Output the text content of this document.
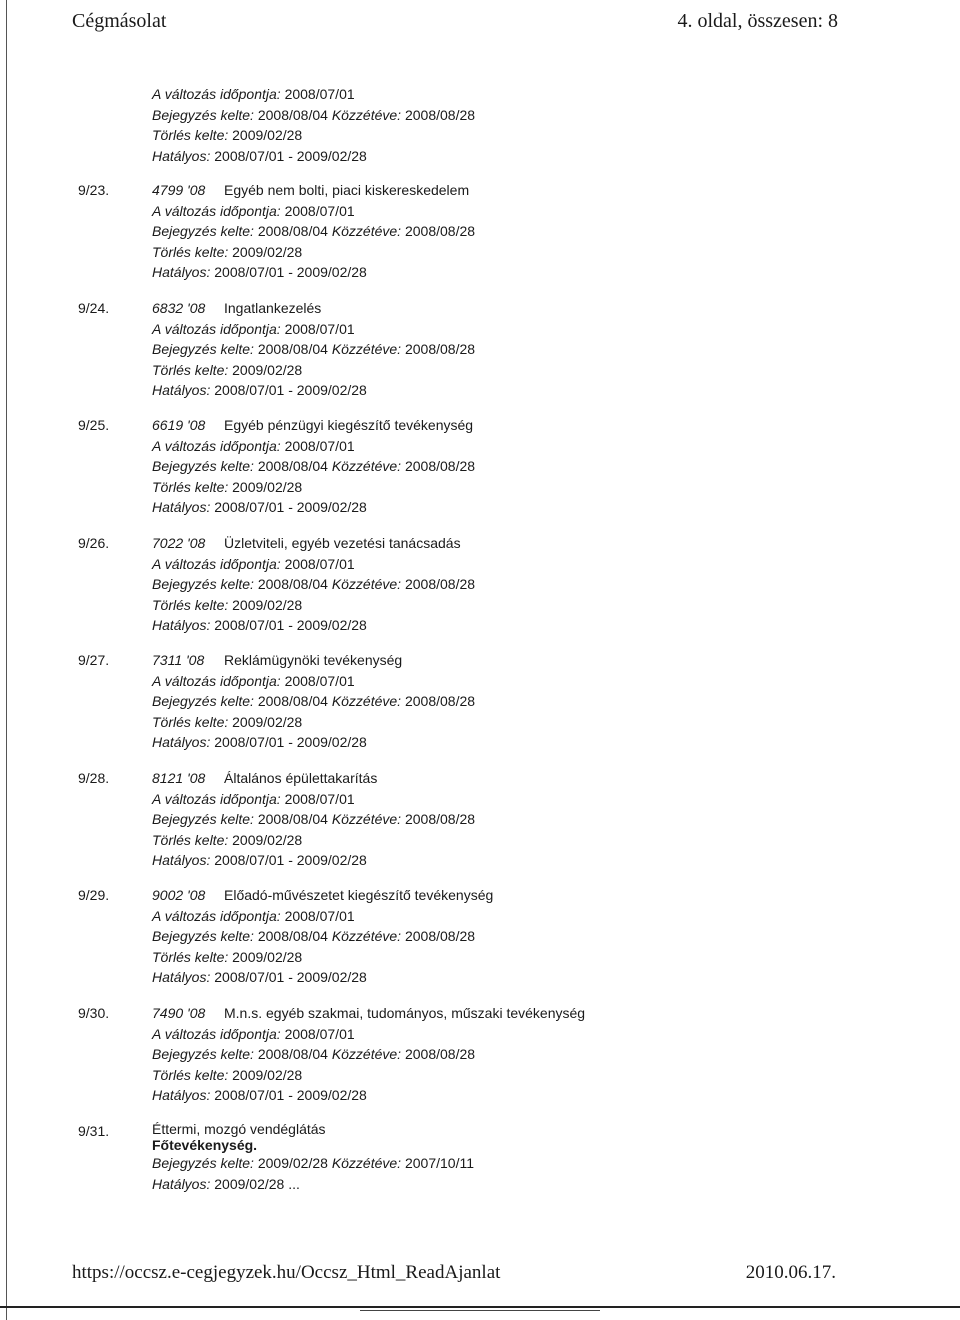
Cégmásolat	4. oldal, összesen: 8
A változás időpontja: 2008/07/01
Bejegyzés kelte: 2008/08/04 Közzétéve: 2008/08/28
Törlés kelte: 2009/02/28
Hatályos: 2008/07/01 - 2009/02/28
9/23.	4799 '08 Egyéb nem bolti, piaci kiskereskedelem
A változás időpontja: 2008/07/01
Bejegyzés kelte: 2008/08/04 Közzétéve: 2008/08/28
Törlés kelte: 2009/02/28
Hatályos: 2008/07/01 - 2009/02/28
9/24.	6832 '08 Ingatlankezelés
A változás időpontja: 2008/07/01
Bejegyzés kelte: 2008/08/04 Közzétéve: 2008/08/28
Törlés kelte: 2009/02/28
Hatályos: 2008/07/01 - 2009/02/28
9/25.	6619 '08 Egyéb pénzügyi kiegészítő tevékenység
A változás időpontja: 2008/07/01
Bejegyzés kelte: 2008/08/04 Közzétéve: 2008/08/28
Törlés kelte: 2009/02/28
Hatályos: 2008/07/01 - 2009/02/28
9/26.	7022 '08 Üzletviteli, egyéb vezetési tanácsadás
A változás időpontja: 2008/07/01
Bejegyzés kelte: 2008/08/04 Közzétéve: 2008/08/28
Törlés kelte: 2009/02/28
Hatályos: 2008/07/01 - 2009/02/28
9/27.	7311 '08 Reklámügynöki tevékenység
A változás időpontja: 2008/07/01
Bejegyzés kelte: 2008/08/04 Közzétéve: 2008/08/28
Törlés kelte: 2009/02/28
Hatályos: 2008/07/01 - 2009/02/28
9/28.	8121 '08 Általános épülettakarítás
A változás időpontja: 2008/07/01
Bejegyzés kelte: 2008/08/04 Közzétéve: 2008/08/28
Törlés kelte: 2009/02/28
Hatályos: 2008/07/01 - 2009/02/28
9/29.	9002 '08 Előadó-művészetet kiegészítő tevékenység
A változás időpontja: 2008/07/01
Bejegyzés kelte: 2008/08/04 Közzétéve: 2008/08/28
Törlés kelte: 2009/02/28
Hatályos: 2008/07/01 - 2009/02/28
9/30.	7490 '08 M.n.s. egyéb szakmai, tudományos, műszaki tevékenység
A változás időpontja: 2008/07/01
Bejegyzés kelte: 2008/08/04 Közzétéve: 2008/08/28
Törlés kelte: 2009/02/28
Hatályos: 2008/07/01 - 2009/02/28
9/31.	Éttermi, mozgó vendéglátás
Főtevékenység.
Bejegyzés kelte: 2009/02/28 Közzétéve: 2007/10/11
Hatályos: 2009/02/28 ...
https://occsz.e-cegjegyzek.hu/Occsz_Html_ReadAjanlat	2010.06.17.
